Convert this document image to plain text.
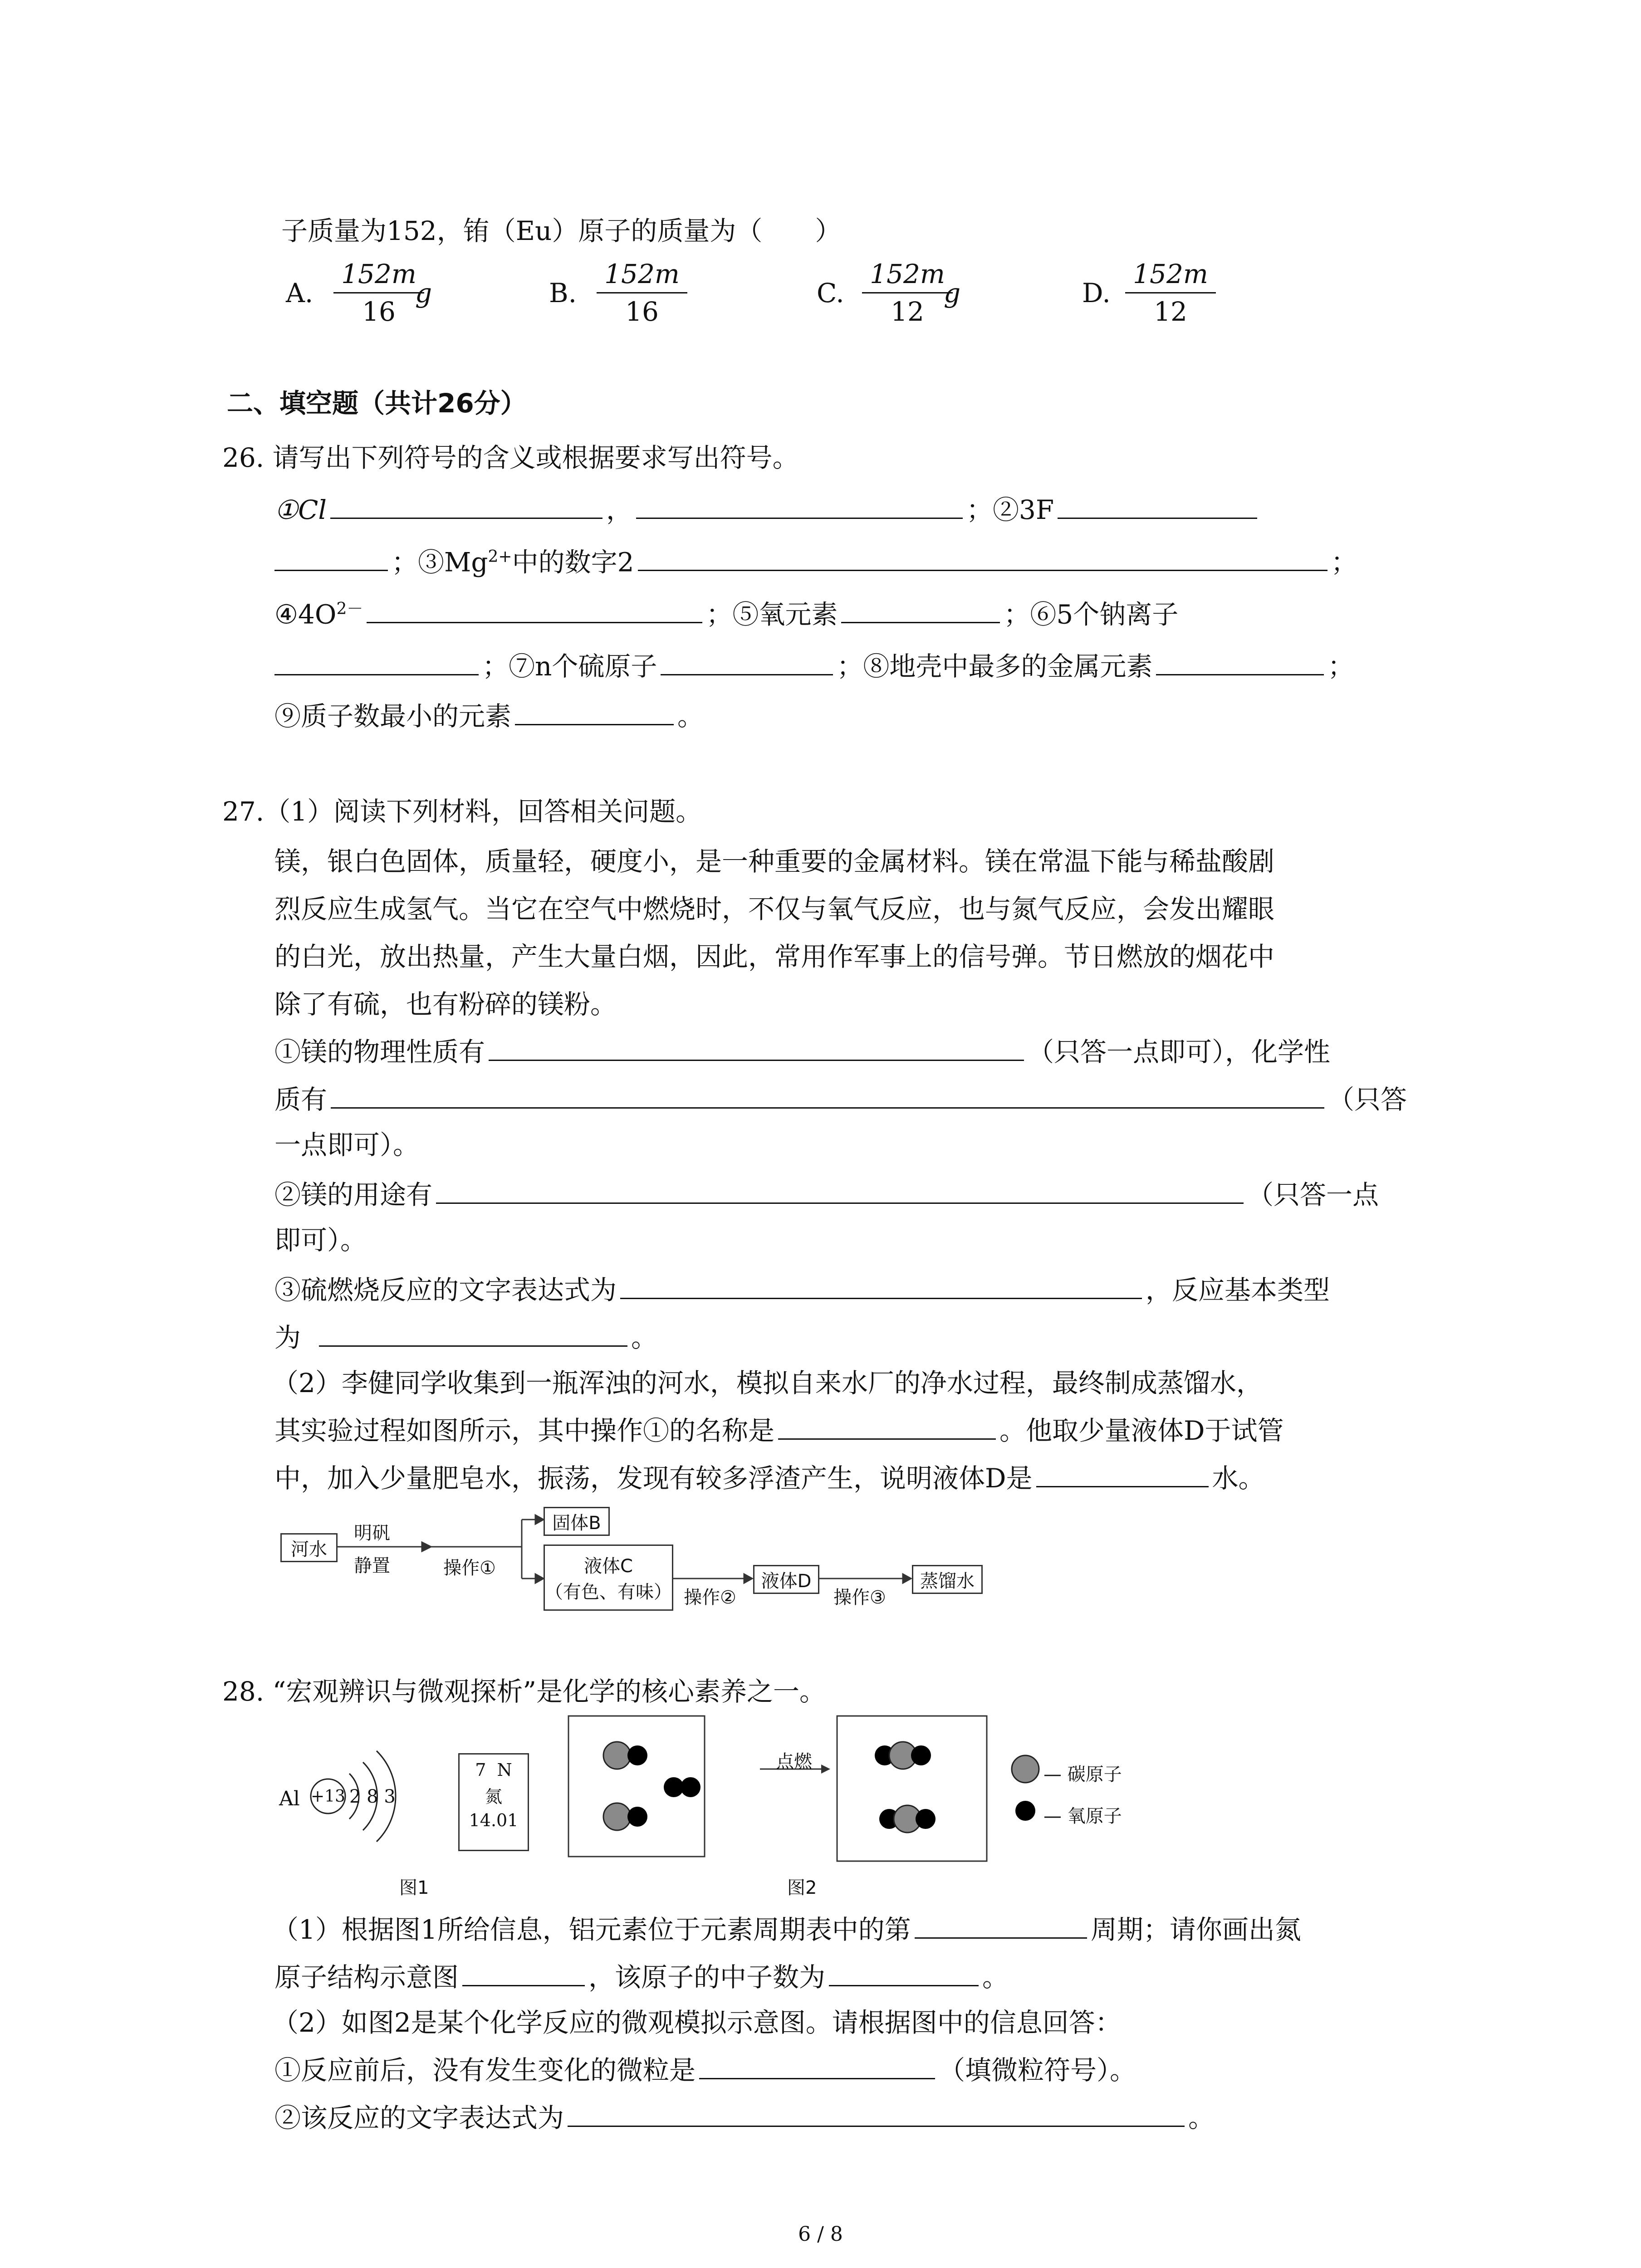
子质量为152，铕（Eu）原子的质量为（　　）
A.
152m
16
g	B.
152m
16
C.
152m
12
g	D.
152m
12
二、填空题（共计26分）
26. 请写出下列符号的含义或根据要求写出符号。
①Cl	，	；②3F
；$③Mg^{2+}$中的数字2	；
$④4O^{2-}$	；⑤氧元素	；⑥5个钠离子
；⑦n个硫原子	；⑧地壳中最多的金属元素	；
⑨质子数最小的元素	。
27.（1）阅读下列材料，回答相关问题。
镁，银白色固体，质量轻，硬度小，是一种重要的金属材料。镁在常温下能与稀盐酸剧
烈反应生成氢气。当它在空气中燃烧时，不仅与氧气反应，也与氮气反应，会发出耀眼
的白光，放出热量，产生大量白烟，因此，常用作军事上的信号弹。节日燃放的烟花中
除了有硫，也有粉碎的镁粉。
①镁的物理性质有	（只答一点即可），化学性
质有	（只答
一点即可）。
②镁的用途有	（只答一点
即可）。
③硫燃烧反应的文字表达式为	，反应基本类型
为	。
（2）李健同学收集到一瓶浑浊的河水，模拟自来水厂的净水过程，最终制成蒸馏水，
其实验过程如图所示，其中操作①的名称是	。他取少量液体D于试管
中，加入少量肥皂水，振荡，发现有较多浮渣产生，说明液体D是	水。
河水
明矾
静置	操作①
固体B
液体C
（有色、有味） 操作②
液体D
操作③
蒸馏水
28. “宏观辨识与微观探析”是化学的核心素养之一。
Al +13 2 8 3
7 N
氮
14.01
图1
点燃
图2
— 碳原子
— 氧原子
（1）根据图1所给信息，铝元素位于元素周期表中的第	周期；请你画出氮
原子结构示意图	，该原子的中子数为	。
（2）如图2是某个化学反应的微观模拟示意图。请根据图中的信息回答：
①反应前后，没有发生变化的微粒是	（填微粒符号）。
②该反应的文字表达式为	。
6 / 8
